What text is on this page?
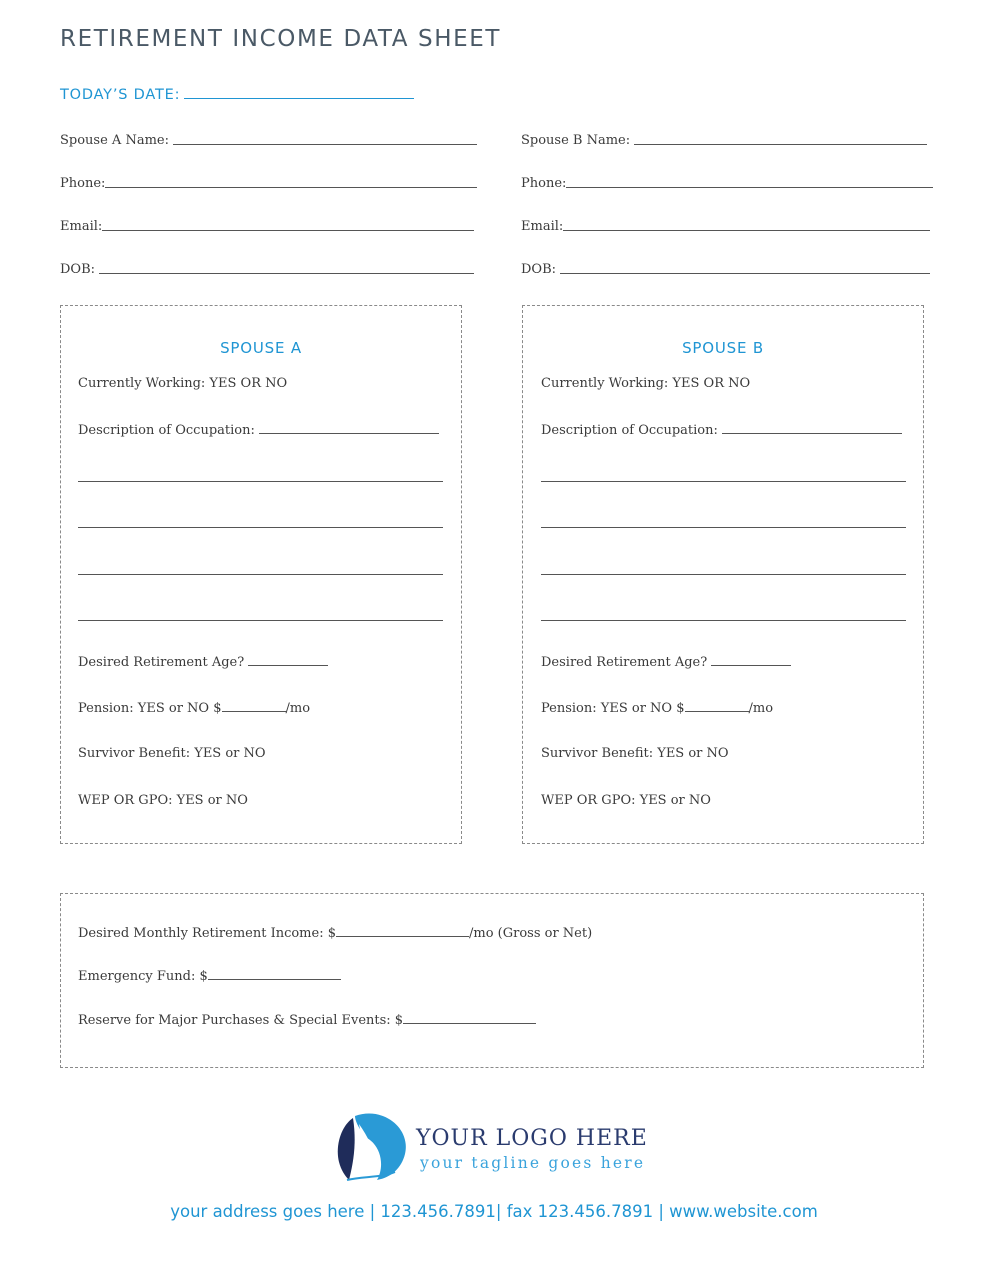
RETIREMENT INCOME DATA SHEET
TODAY’S DATE:
Spouse A Name:
Phone:
Email:
DOB:
Spouse B Name:
Phone:
Email:
DOB:
SPOUSE A
Currently Working: YES OR NO
Description of Occupation:
Desired Retirement Age?
Pension: YES or NO $	/mo
Survivor Benefit: YES or NO
WEP OR GPO: YES or NO
SPOUSE B
Currently Working: YES OR NO
Description of Occupation:
Desired Retirement Age?
Pension: YES or NO $	/mo
Survivor Benefit: YES or NO
WEP OR GPO: YES or NO
Desired Monthly Retirement Income: $	/mo (Gross or Net)
Emergency Fund: $
Reserve for Major Purchases & Special Events: $
YOUR LOGO HERE
your tagline goes here
your address goes here | 123.456.7891| fax 123.456.7891 | www.website.com
